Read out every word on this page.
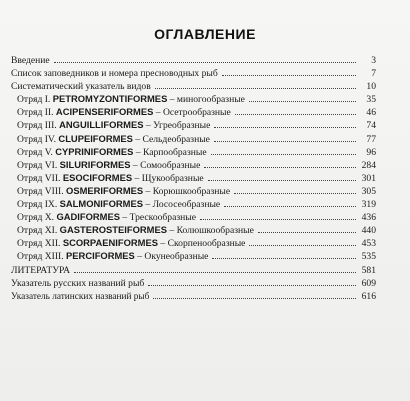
ОГЛАВЛЕНИЕ
Введение	3
Список заповедников и номера пресноводных рыб	7
Систематический указатель видов	10
Отряд I. PETROMYZONTIFORMES – миногообразные	35
Отряд II. ACIPENSERIFORMES – Осетрообразные	46
Отряд III. ANGUILLIFORMES – Угреобразные	74
Отряд IV. CLUPEIFORMES – Сельдеобразные	77
Отряд V. CYPRINIFORMES – Карпообразные	96
Отряд VI. SILURIFORMES – Сомообразные	284
Отряд VII. ESOCIFORMES – Щукообразные	301
Отряд VIII. OSMERIFORMES – Корюшкообразные	305
Отряд IX. SALMONIFORMES – Лососеобразные	319
Отряд X. GADIFORMES – Трескообразные	436
Отряд XI. GASTEROSTEIFORMES – Колюшкообразные	440
Отряд XII. SCORPAENIFORMES – Скорпенообразные	453
Отряд XIII. PERCIFORMES – Окунеобразные	535
ЛИТЕРАТУРА	581
Указатель русских названий рыб	609
Указатель латинских названий рыб	616
